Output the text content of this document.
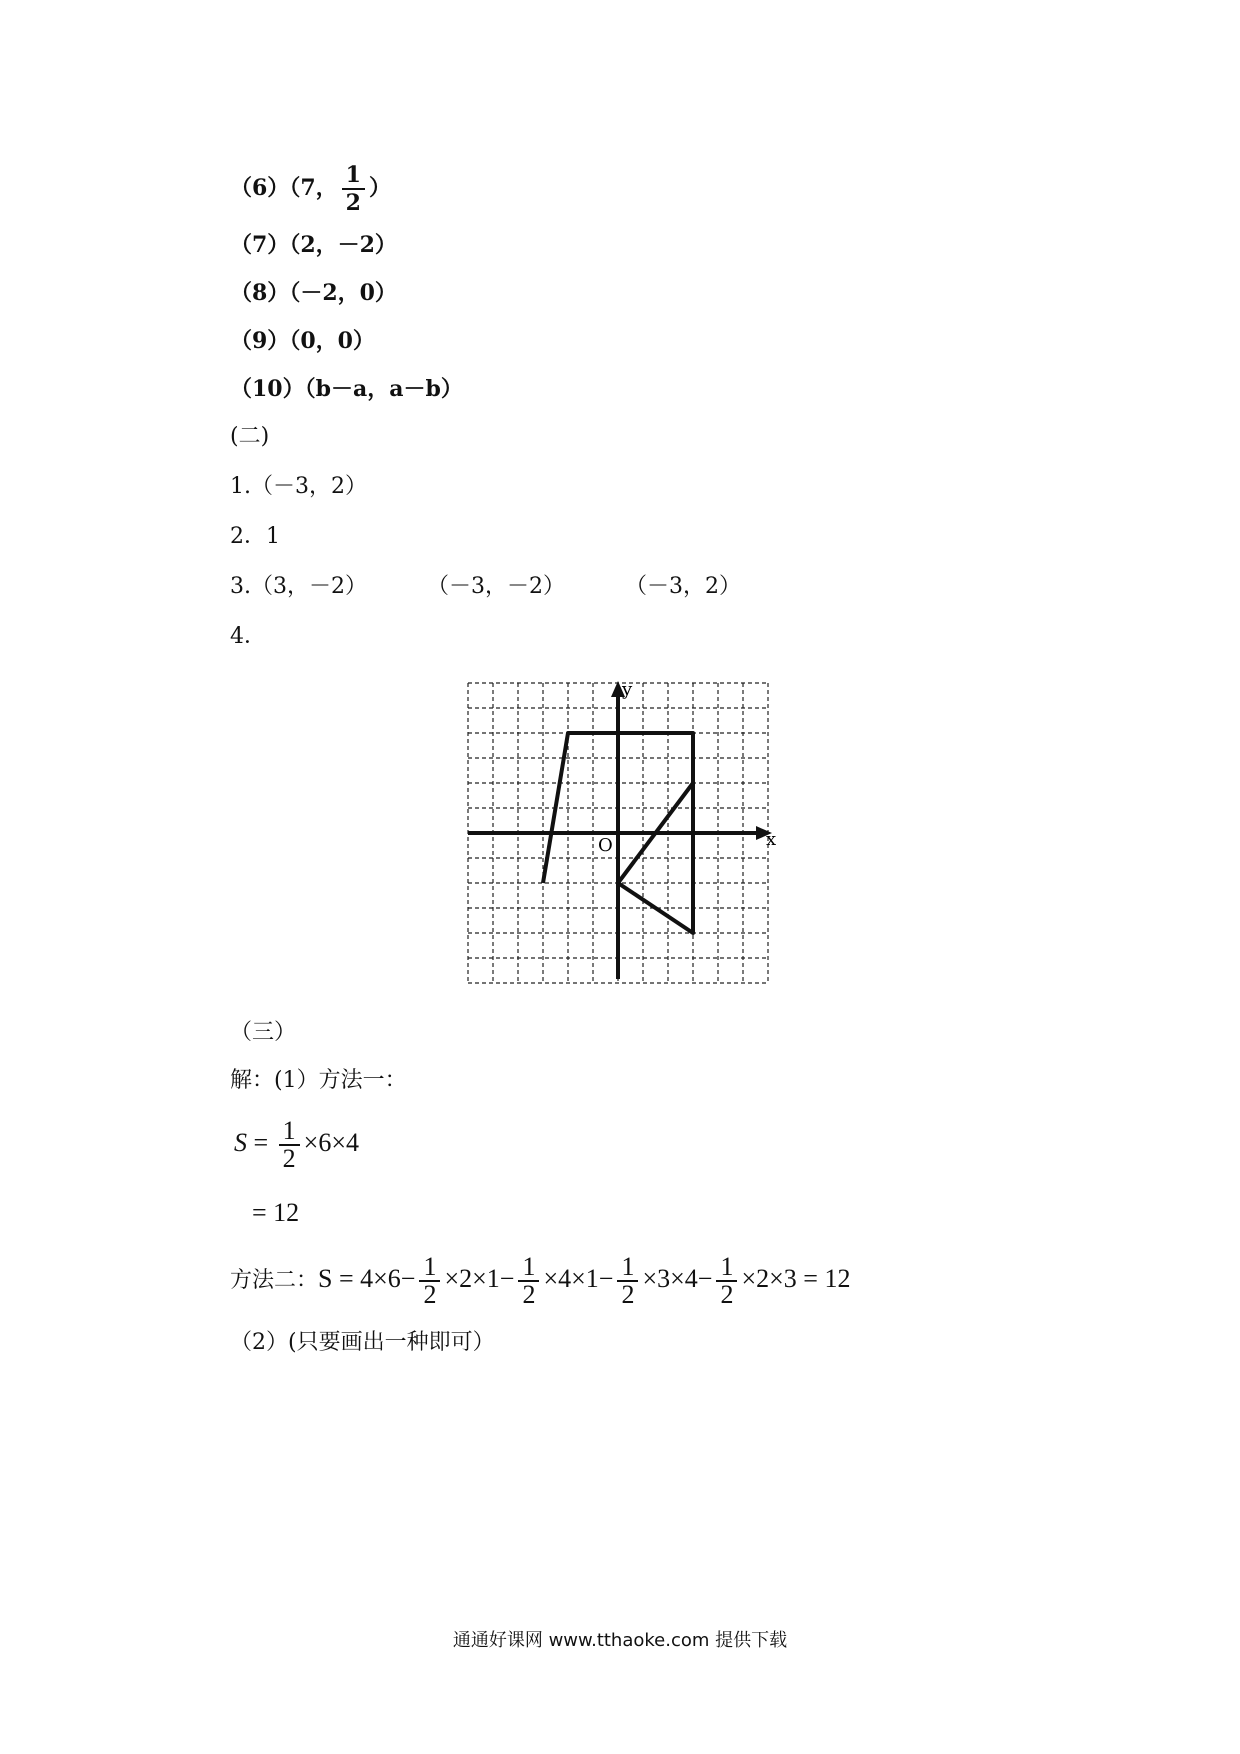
（6）（7， $\frac{1}{2}$ ）
（7）（2，－2）
（8）（－2，0）
（9）（0，0）
（10）（b－a，a－b）
(二)
1.（－3，2）
2．1
3.（3，－2）	（－3，－2）	（－3，2）
4．
x
y
O
（三）
解：(1）方法一：
$S = \frac{1}{2} \times 6\times 4$
= 12
方法二：$S = 4\times 6- \frac{1}{2} \times 2\times 1- \frac{1}{2} \times 4\times 1- \frac{1}{2} \times 3\times 4- \frac{1}{2} \times 2\times 3 = 12$
（2）(只要画出一种即可）
通通好课网 www.tthaoke.com 提供下载
